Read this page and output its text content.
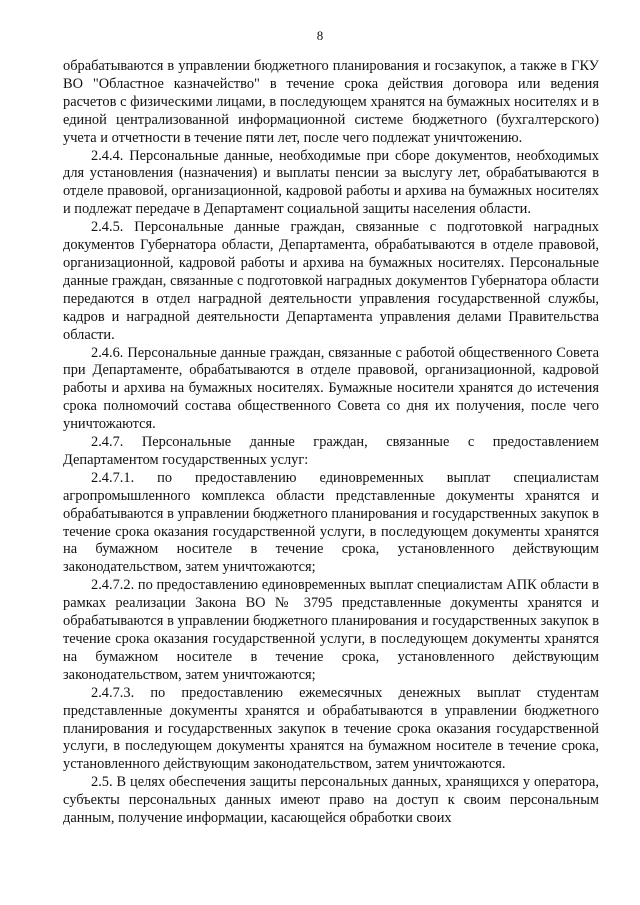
8

обрабатываются в управлении бюджетного планирования и госзакупок, а также в ГКУ ВО "Областное казначейство" в течение срока действия договора или ведения расчетов с физическими лицами, в последующем хранятся на бумажных носителях и в единой централизованной информационной системе бюджетного (бухгалтерского) учета и отчетности в течение пяти лет, после чего подлежат уничтожению.

2.4.4. Персональные данные, необходимые при сборе документов, необходимых для установления (назначения) и выплаты пенсии за выслугу лет, обрабатываются в отделе правовой, организационной, кадровой работы и архива на бумажных носителях и подлежат передаче в Департамент социальной защиты населения области.

2.4.5. Персональные данные граждан, связанные с подготовкой наградных документов Губернатора области, Департамента, обрабатываются в отделе правовой, организационной, кадровой работы и архива на бумажных носителях. Персональные данные граждан, связанные с подготовкой наградных документов Губернатора области передаются в отдел наградной деятельности управления государственной службы, кадров и наградной деятельности Департамента управления делами Правительства области.

2.4.6. Персональные данные граждан, связанные с работой общественного Совета при Департаменте, обрабатываются в отделе правовой, организационной, кадровой работы и архива на бумажных носителях. Бумажные носители хранятся до истечения срока полномочий состава общественного Совета со дня их получения, после чего уничтожаются.

2.4.7. Персональные данные граждан, связанные с предоставлением Департаментом государственных услуг:

2.4.7.1. по предоставлению единовременных выплат специалистам агропромышленного комплекса области представленные документы хранятся и обрабатываются в управлении бюджетного планирования и государственных закупок в течение срока оказания государственной услуги, в последующем документы хранятся на бумажном носителе в течение срока, установленного действующим законодательством, затем уничтожаются;

2.4.7.2. по предоставлению единовременных выплат специалистам АПК области в рамках реализации Закона ВО № 3795 представленные документы хранятся и обрабатываются в управлении бюджетного планирования и государственных закупок в течение срока оказания государственной услуги, в последующем документы хранятся на бумажном носителе в течение срока, установленного действующим законодательством, затем уничтожаются;

2.4.7.3. по предоставлению ежемесячных денежных выплат студентам представленные документы хранятся и обрабатываются в управлении бюджетного планирования и государственных закупок в течение срока оказания государственной услуги, в последующем документы хранятся на бумажном носителе в течение срока, установленного действующим законодательством, затем уничтожаются.

2.5. В целях обеспечения защиты персональных данных, хранящихся у оператора, субъекты персональных данных имеют право на доступ к своим персональным данным, получение информации, касающейся обработки своих
